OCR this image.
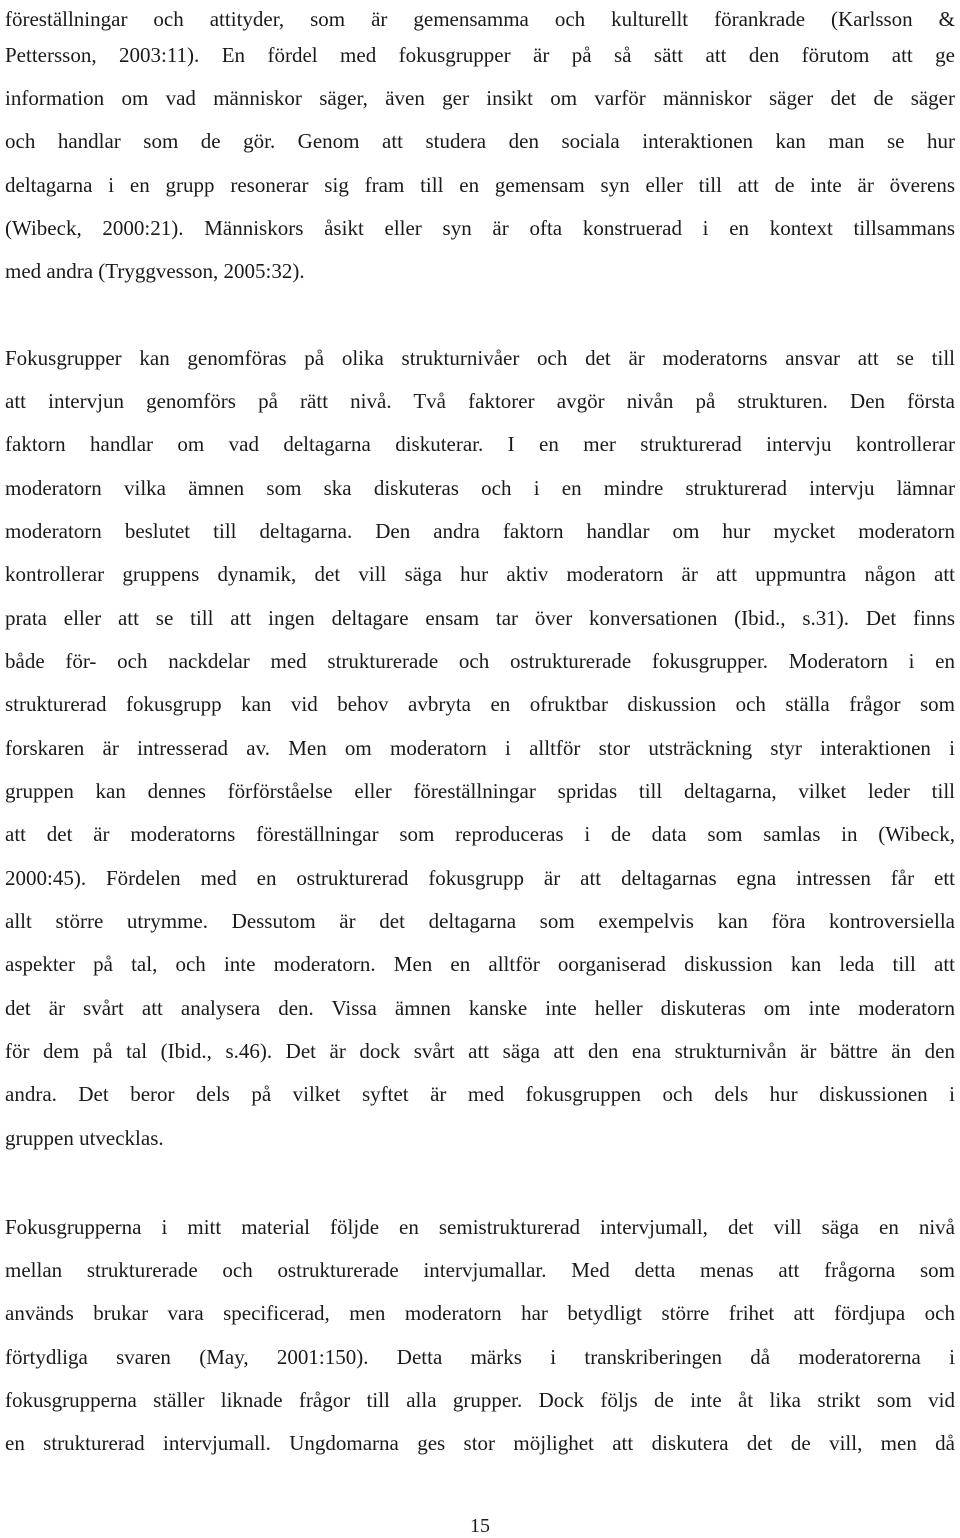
föreställningar och attityder, som är gemensamma och kulturellt förankrade (Karlsson &
Pettersson, 2003:11). En fördel med fokusgrupper är på så sätt att den förutom att ge
information om vad människor säger, även ger insikt om varför människor säger det de säger
och handlar som de gör. Genom att studera den sociala interaktionen kan man se hur
deltagarna i en grupp resonerar sig fram till en gemensam syn eller till att de inte är överens
(Wibeck, 2000:21). Människors åsikt eller syn är ofta konstruerad i en kontext tillsammans
med andra (Tryggvesson, 2005:32).
Fokusgrupper kan genomföras på olika strukturnivåer och det är moderatorns ansvar att se till
att intervjun genomförs på rätt nivå. Två faktorer avgör nivån på strukturen. Den första
faktorn handlar om vad deltagarna diskuterar. I en mer strukturerad intervju kontrollerar
moderatorn vilka ämnen som ska diskuteras och i en mindre strukturerad intervju lämnar
moderatorn beslutet till deltagarna. Den andra faktorn handlar om hur mycket moderatorn
kontrollerar gruppens dynamik, det vill säga hur aktiv moderatorn är att uppmuntra någon att
prata eller att se till att ingen deltagare ensam tar över konversationen (Ibid., s.31). Det finns
både för- och nackdelar med strukturerade och ostrukturerade fokusgrupper. Moderatorn i en
strukturerad fokusgrupp kan vid behov avbryta en ofruktbar diskussion och ställa frågor som
forskaren är intresserad av. Men om moderatorn i alltför stor utsträckning styr interaktionen i
gruppen kan dennes förförståelse eller föreställningar spridas till deltagarna, vilket leder till
att det är moderatorns föreställningar som reproduceras i de data som samlas in (Wibeck,
2000:45). Fördelen med en ostrukturerad fokusgrupp är att deltagarnas egna intressen får ett
allt större utrymme. Dessutom är det deltagarna som exempelvis kan föra kontroversiella
aspekter på tal, och inte moderatorn. Men en alltför oorganiserad diskussion kan leda till att
det är svårt att analysera den. Vissa ämnen kanske inte heller diskuteras om inte moderatorn
för dem på tal (Ibid., s.46). Det är dock svårt att säga att den ena strukturnivån är bättre än den
andra. Det beror dels på vilket syftet är med fokusgruppen och dels hur diskussionen i
gruppen utvecklas.
Fokusgrupperna i mitt material följde en semistrukturerad intervjumall, det vill säga en nivå
mellan strukturerade och ostrukturerade intervjumallar. Med detta menas att frågorna som
används brukar vara specificerad, men moderatorn har betydligt större frihet att fördjupa och
förtydliga svaren (May, 2001:150). Detta märks i transkriberingen då moderatorerna i
fokusgrupperna ställer liknade frågor till alla grupper. Dock följs de inte åt lika strikt som vid
en strukturerad intervjumall. Ungdomarna ges stor möjlighet att diskutera det de vill, men då
15
